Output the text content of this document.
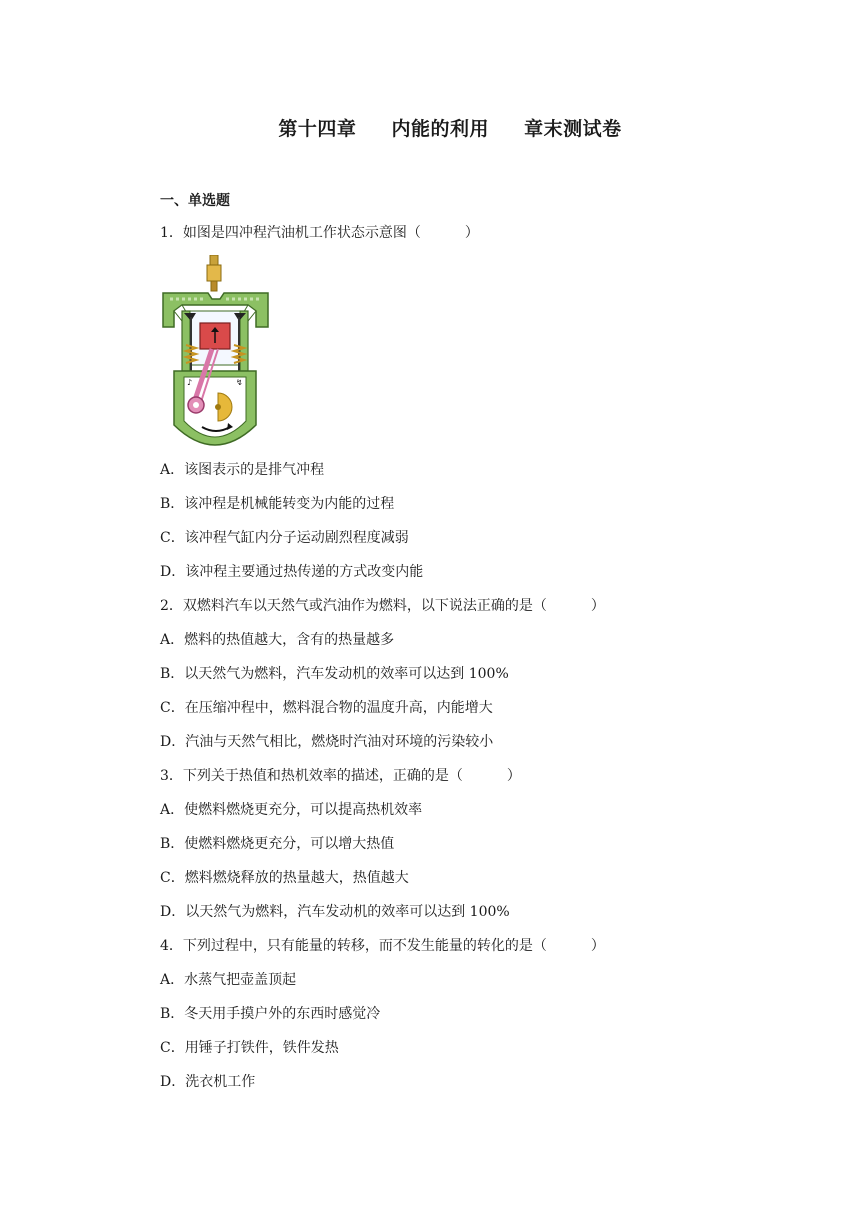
第十四章 内能的利用 章末测试卷
一、单选题
1．如图是四冲程汽油机工作状态示意图（	）
♪	↯
A．该图表示的是排气冲程
B．该冲程是机械能转变为内能的过程
C．该冲程气缸内分子运动剧烈程度减弱
D．该冲程主要通过热传递的方式改变内能
2．双燃料汽车以天然气或汽油作为燃料，以下说法正确的是（	）
A．燃料的热值越大，含有的热量越多
B．以天然气为燃料，汽车发动机的效率可以达到 100%
C．在压缩冲程中，燃料混合物的温度升高，内能增大
D．汽油与天然气相比，燃烧时汽油对环境的污染较小
3．下列关于热值和热机效率的描述，正确的是（	）
A．使燃料燃烧更充分，可以提高热机效率
B．使燃料燃烧更充分，可以增大热值
C．燃料燃烧释放的热量越大，热值越大
D．以天然气为燃料，汽车发动机的效率可以达到 100%
4．下列过程中，只有能量的转移，而不发生能量的转化的是（	）
A．水蒸气把壶盖顶起
B．冬天用手摸户外的东西时感觉冷
C．用锤子打铁件，铁件发热
D．洗衣机工作
